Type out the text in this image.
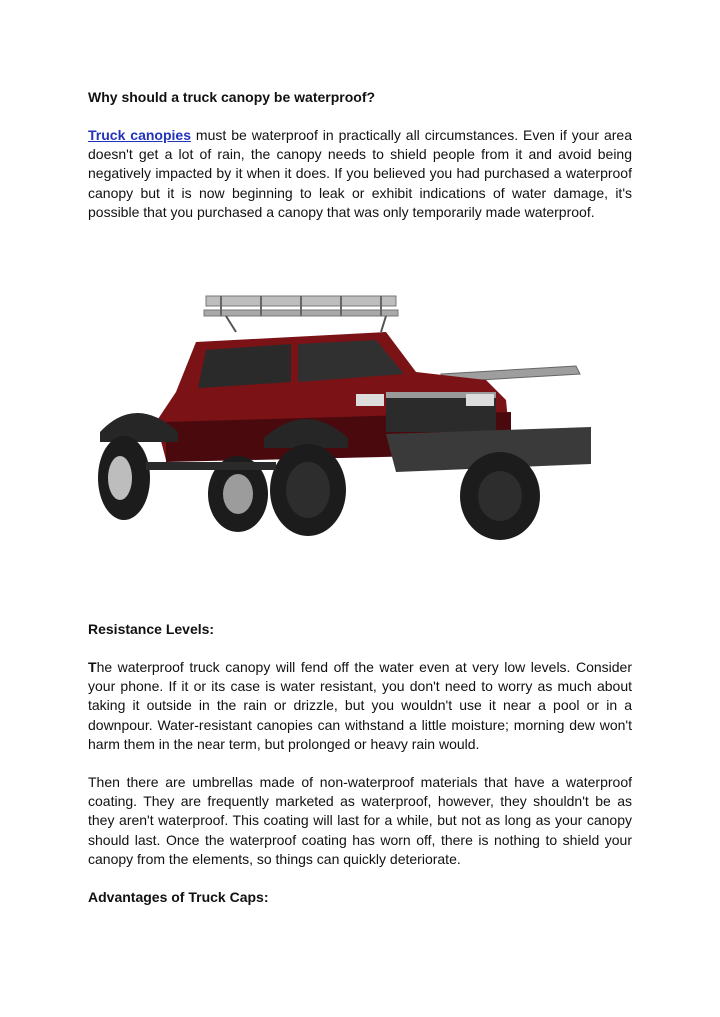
Why should a truck canopy be waterproof?
Truck canopies must be waterproof in practically all circumstances. Even if your area doesn't get a lot of rain, the canopy needs to shield people from it and avoid being negatively impacted by it when it does. If you believed you had purchased a waterproof canopy but it is now beginning to leak or exhibit indications of water damage, it's possible that you purchased a canopy that was only temporarily made waterproof.
Resistance Levels:
The waterproof truck canopy will fend off the water even at very low levels. Consider your phone. If it or its case is water resistant, you don't need to worry as much about taking it outside in the rain or drizzle, but you wouldn't use it near a pool or in a downpour. Water-resistant canopies can withstand a little moisture; morning dew won't harm them in the near term, but prolonged or heavy rain would.
Then there are umbrellas made of non-waterproof materials that have a waterproof coating. They are frequently marketed as waterproof, however, they shouldn't be as they aren't waterproof. This coating will last for a while, but not as long as your canopy should last. Once the waterproof coating has worn off, there is nothing to shield your canopy from the elements, so things can quickly deteriorate.
Advantages of Truck Caps:
